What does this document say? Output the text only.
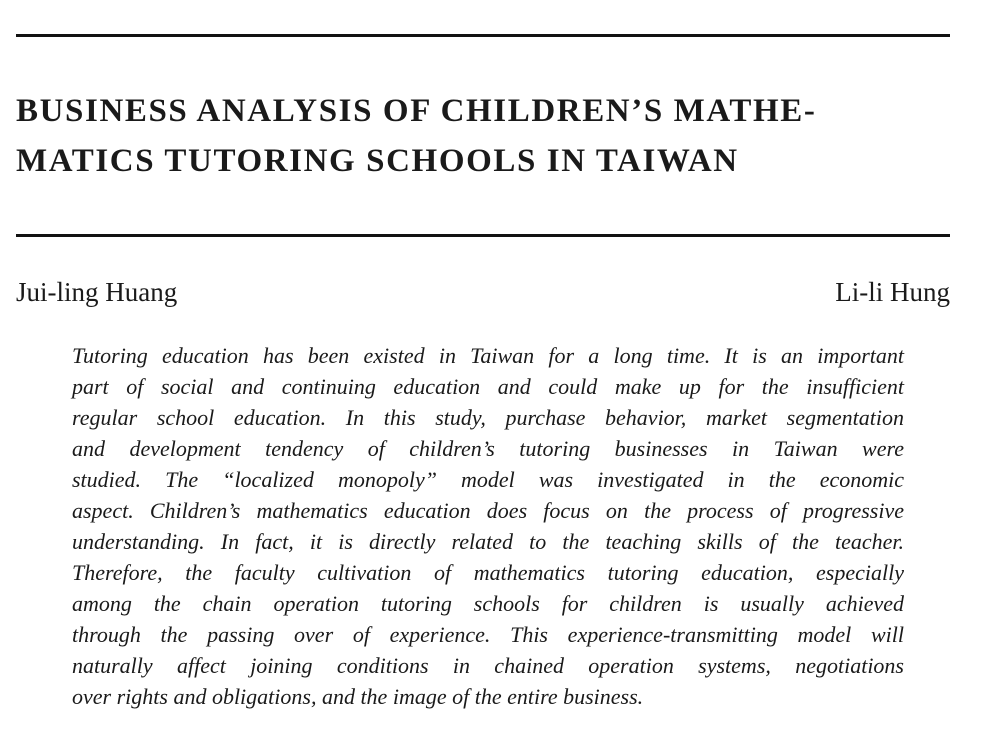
BUSINESS ANALYSIS OF CHILDREN’S MATHE-
MATICS TUTORING SCHOOLS IN TAIWAN
Jui-ling Huang	Li-li Hung
Tutoring education has been existed in Taiwan for a long time. It is an important
part of social and continuing education and could make up for the insufficient
regular school education. In this study, purchase behavior, market segmentation
and development tendency of children’s tutoring businesses in Taiwan were
studied. The “localized monopoly” model was investigated in the economic
aspect. Children’s mathematics education does focus on the process of progressive
understanding. In fact, it is directly related to the teaching skills of the teacher.
Therefore, the faculty cultivation of mathematics tutoring education, especially
among the chain operation tutoring schools for children is usually achieved
through the passing over of experience. This experience-transmitting model will
naturally affect joining conditions in chained operation systems, negotiations
over rights and obligations, and the image of the entire business.
